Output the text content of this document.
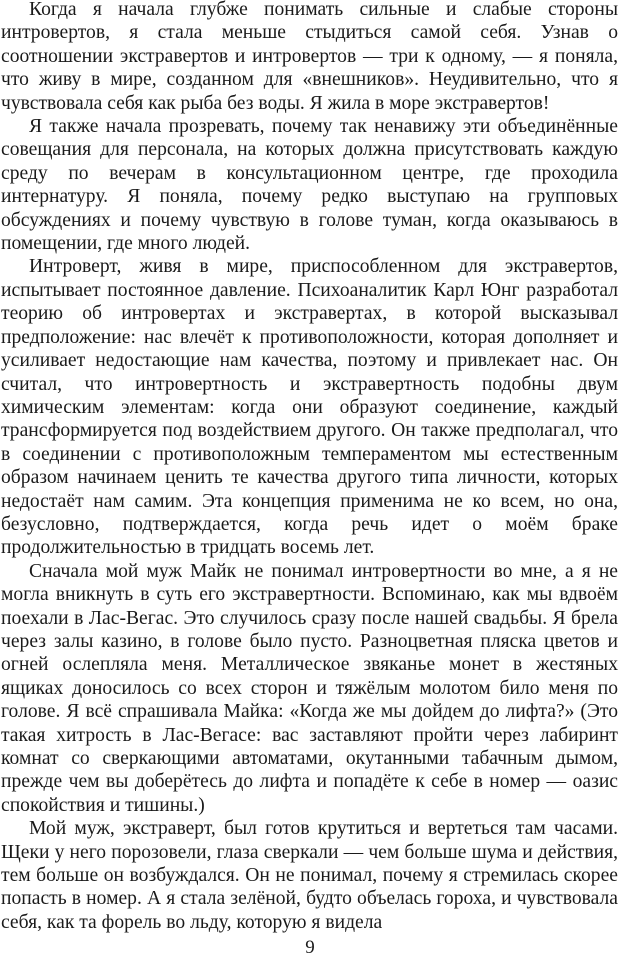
Когда я начала глубже понимать сильные и слабые стороны интровертов, я стала меньше стыдиться самой себя. Узнав о соотношении экстравертов и интровертов — три к одному, — я поняла, что живу в мире, созданном для «внешников». Неудивительно, что я чувствовала себя как рыба без воды. Я жила в море экстравертов!

Я также начала прозревать, почему так ненавижу эти объединённые совещания для персонала, на которых должна присутствовать каждую среду по вечерам в консультационном центре, где проходила интернатуру. Я поняла, почему редко выступаю на групповых обсуждениях и почему чувствую в голове туман, когда оказываюсь в помещении, где много людей.

Интроверт, живя в мире, приспособленном для экстравертов, испытывает постоянное давление. Психоаналитик Карл Юнг разработал теорию об интровертах и экстравертах, в которой высказывал предположение: нас влечёт к противоположности, которая дополняет и усиливает недостающие нам качества, поэтому и привлекает нас. Он считал, что интровертность и экстравертность подобны двум химическим элементам: когда они образуют соединение, каждый трансформируется под воздействием другого. Он также предполагал, что в соединении с противоположным темпераментом мы естественным образом начинаем ценить те качества другого типа личности, которых недостаёт нам самим. Эта концепция применима не ко всем, но она, безусловно, подтверждается, когда речь идет о моём браке продолжительностью в тридцать восемь лет.

Сначала мой муж Майк не понимал интровертности во мне, а я не могла вникнуть в суть его экстравертности. Вспоминаю, как мы вдвоём поехали в Лас-Вегас. Это случилось сразу после нашей свадьбы. Я брела через залы казино, в голове было пусто. Разноцветная пляска цветов и огней ослепляла меня. Металлическое звяканье монет в жестяных ящиках доносилось со всех сторон и тяжёлым молотом било меня по голове. Я всё спрашивала Майка: «Когда же мы дойдем до лифта?» (Это такая хитрость в Лас-Вегасе: вас заставляют пройти через лабиринт комнат со сверкающими автоматами, окутанными табачным дымом, прежде чем вы доберётесь до лифта и попадёте к себе в номер — оазис спокойствия и тишины.)

Мой муж, экстраверт, был готов крутиться и вертеться там часами. Щеки у него порозовели, глаза сверкали — чем больше шума и действия, тем больше он возбуждался. Он не понимал, почему я стремилась скорее попасть в номер. А я стала зелёной, будто объелась гороха, и чувствовала себя, как та форель во льду, которую я видела

9
